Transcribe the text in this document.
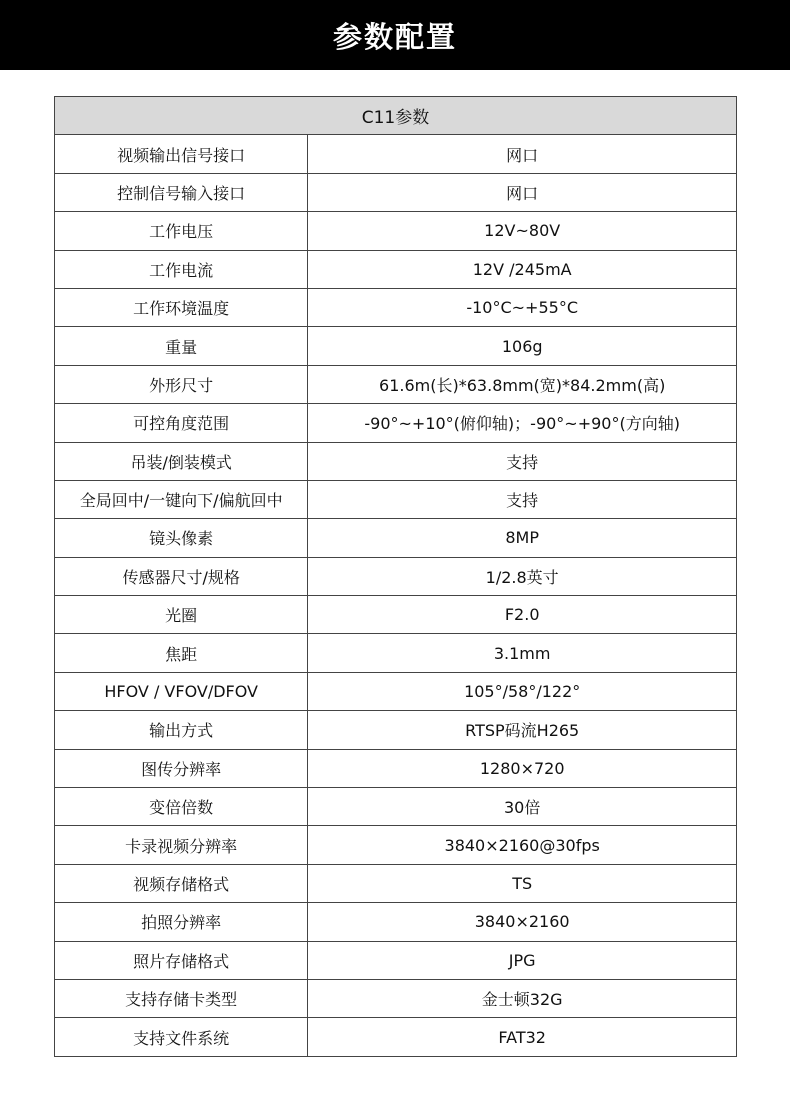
参数配置
C11参数	
视频输出信号接口	网口
控制信号输入接口	网口
工作电压	12V~80V
工作电流	12V /245mA
工作环境温度	-10°C~+55°C
重量	106g
外形尺寸	61.6m(长)*63.8mm(宽)*84.2mm(高)
可控角度范围	-90°~+10°(俯仰轴)；-90°~+90°(方向轴)
吊装/倒装模式	支持
全局回中/一键向下/偏航回中	支持
镜头像素	8MP
传感器尺寸/规格	1/2.8英寸
光圈	F2.0
焦距	3.1mm
HFOV / VFOV/DFOV	105°/58°/122°
输出方式	RTSP码流H265
图传分辨率	1280×720
变倍倍数	30倍
卡录视频分辨率	3840×2160@30fps
视频存储格式	TS
拍照分辨率	3840×2160
照片存储格式	JPG
支持存储卡类型	金士顿32G
支持文件系统	FAT32
